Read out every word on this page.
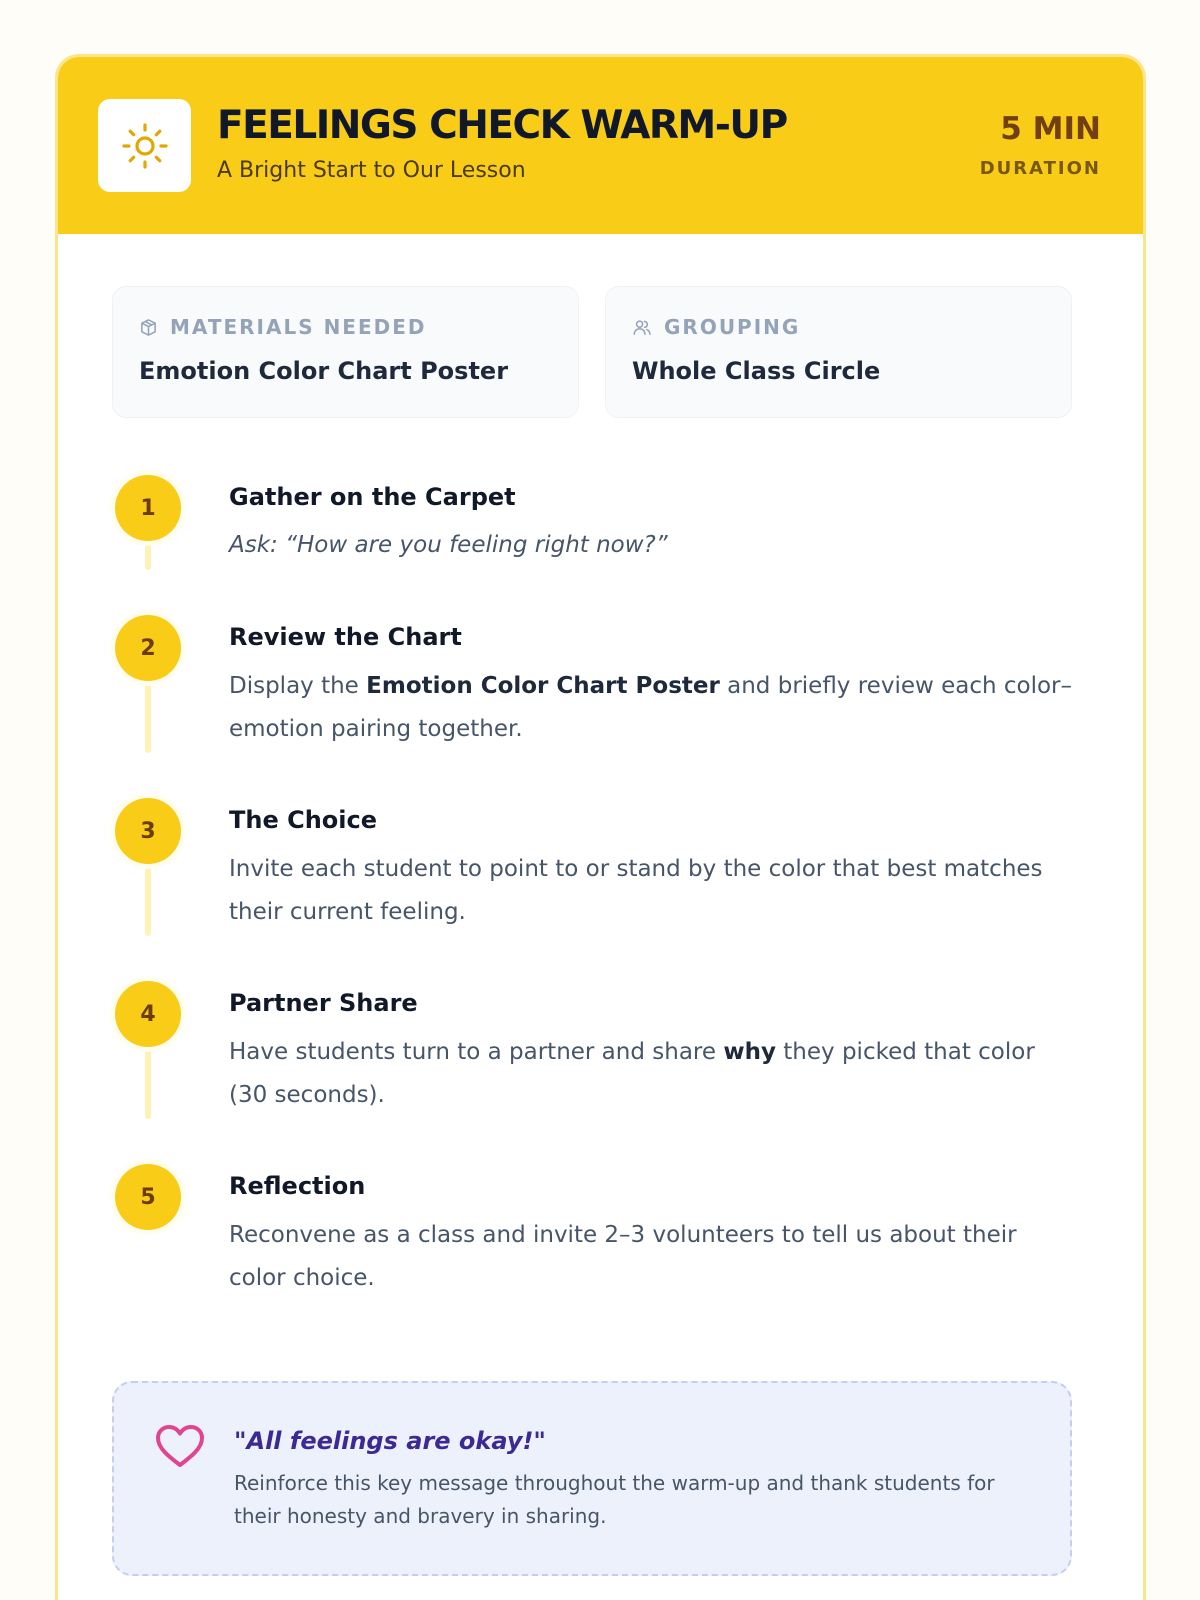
FEELINGS CHECK WARM-UP
A Bright Start to Our Lesson
5 MIN
DURATION
MATERIALS NEEDED
Emotion Color Chart Poster
GROUPING
Whole Class Circle
1	Gather on the Carpet
Ask: “How are you feeling right now?”
2	Review the Chart
Display the Emotion Color Chart Poster and briefly review each color–emotion pairing together.
3	The Choice
Invite each student to point to or stand by the color that best matches their current feeling.
4	Partner Share
Have students turn to a partner and share why they picked that color (30 seconds).
5	Reflection
Reconvene as a class and invite 2–3 volunteers to tell us about their color choice.
"All feelings are okay!"
Reinforce this key message throughout the warm-up and thank students for their honesty and bravery in sharing.
